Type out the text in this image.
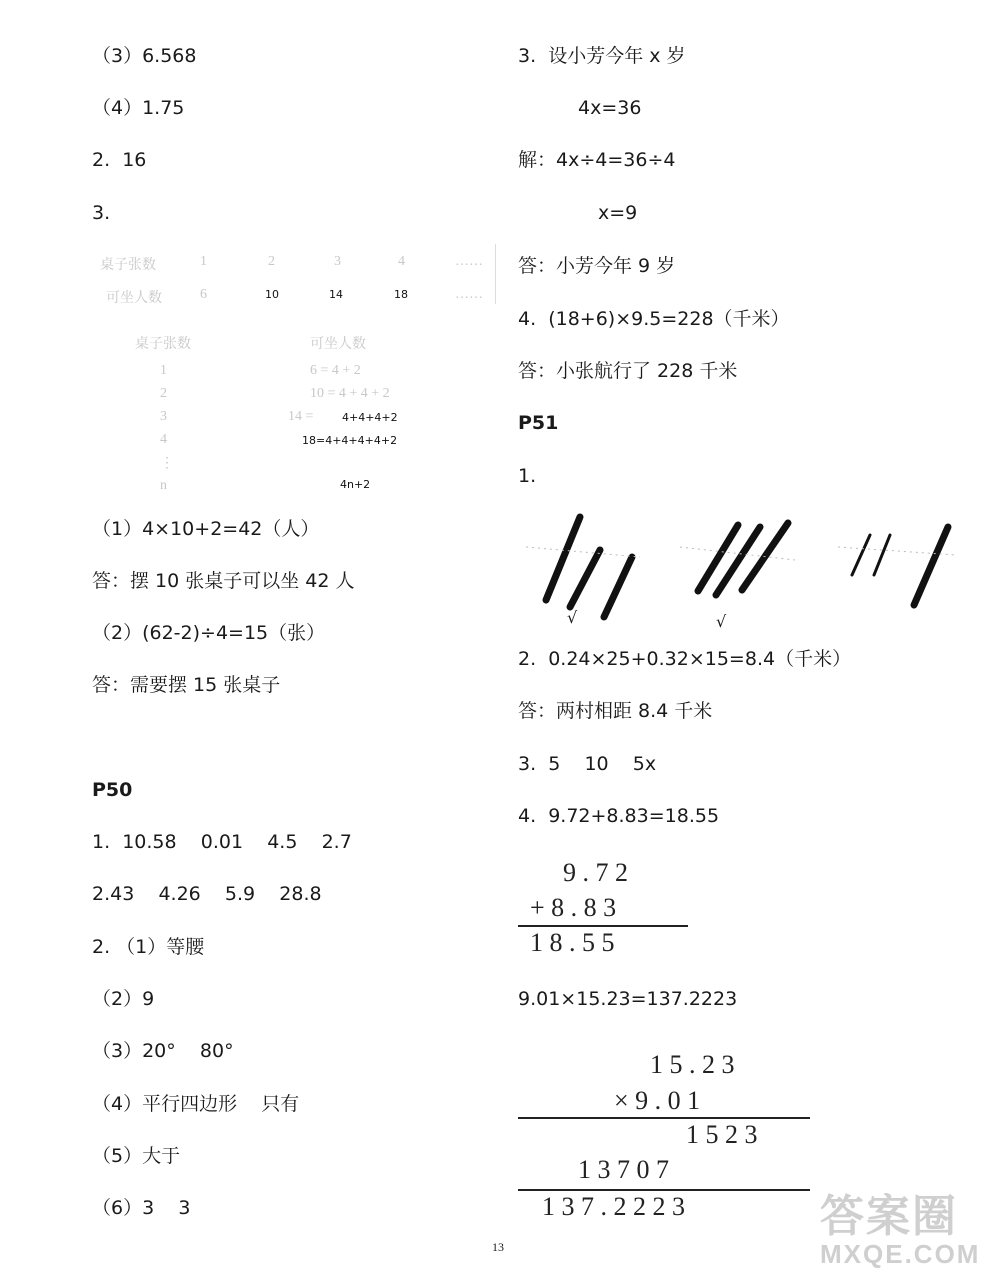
（3）6.568
（4）1.75
2.  16
3.
桌子张数	1	2	3	4	……
可坐人数	6	10	14	18	……
桌子张数	可坐人数
1	6 = 4 + 2
2	10 = 4 + 4 + 2
3	14 =	4+4+4+2
4	18=4+4+4+4+2
⋮
n	4n+2
（1）4×10+2=42（人）
答：摆 10 张桌子可以坐 42 人
（2）(62-2)÷4=15（张）
答：需要摆 15 张桌子
P50
1.  10.58    0.01    4.5    2.7
2.43    4.26    5.9    28.8
2. （1）等腰
（2）9
（3）20°    80°
（4）平行四边形    只有
（5）大于
（6）3    3
3.  设小芳今年 x 岁
4x=36
解：4x÷4=36÷4
x=9
答：小芳今年 9 岁
4.  (18+6)×9.5=228（千米）
答：小张航行了 228 千米
P51
1.
√	√
2.  0.24×25+0.32×15=8.4（千米）
答：两村相距 8.4 千米
3.  5    10    5x
4.  9.72+8.83=18.55
9 . 7 2
+ 8 . 8 3
1 8 . 5 5
9.01×15.23=137.2223
1 5 . 2 3
× 9 . 0 1
1 5 2 3
1 3 7 0 7
1 3 7 . 2 2 2 3
13
答案圈
MXQE.COM
